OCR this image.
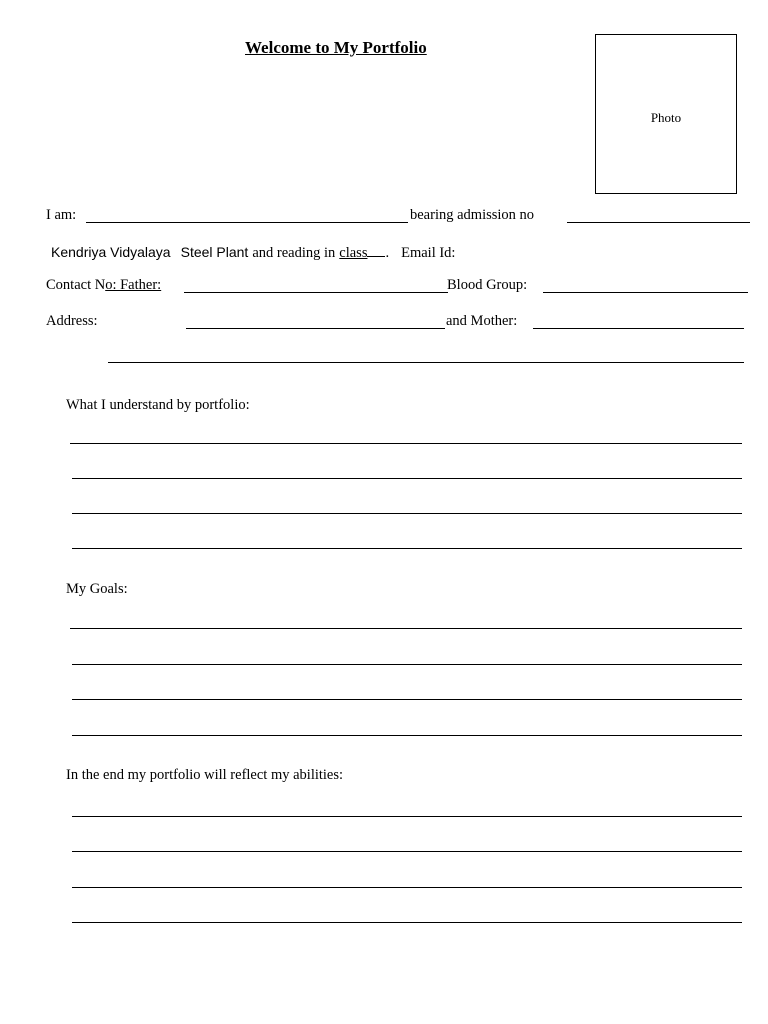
Welcome to My Portfolio
Photo
I am:	bearing admission no
Kendriya Vidyalaya Steel Plant and reading in class . Email Id:
Contact No: Father:	Blood Group:
Address:	and Mother:
What I understand by portfolio:
My Goals:
In the end my portfolio will reflect my abilities:
